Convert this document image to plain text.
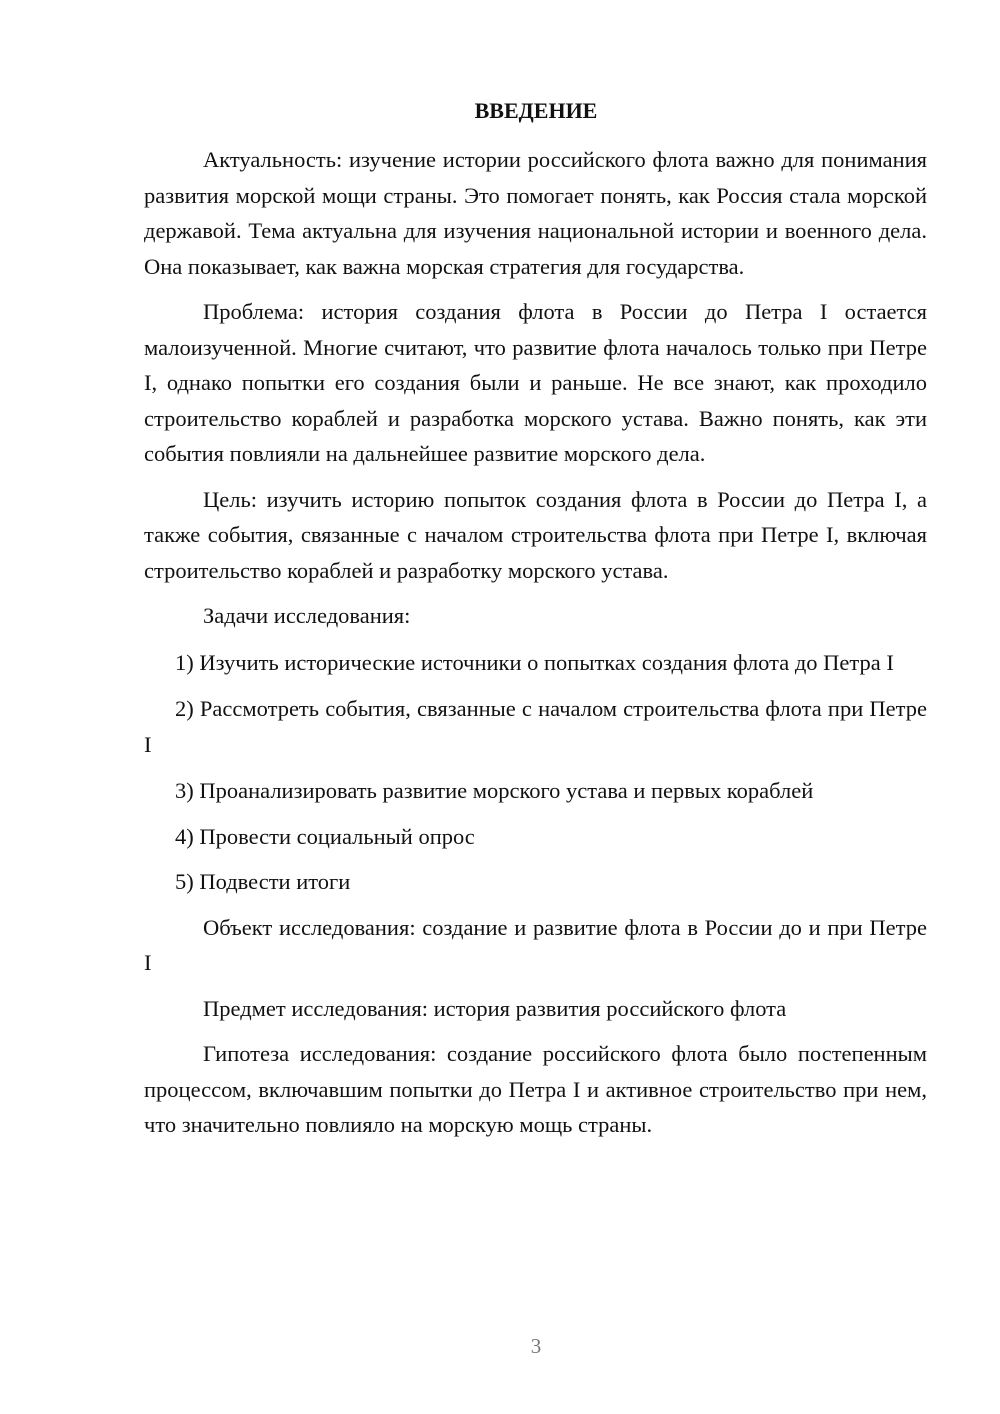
ВВЕДЕНИЕ

Актуальность: изучение истории российского флота важно для понимания развития морской мощи страны. Это помогает понять, как Россия стала морской державой. Тема актуальна для изучения национальной истории и военного дела. Она показывает, как важна морская стратегия для государства.

Проблема: история создания флота в России до Петра I остается малоизученной. Многие считают, что развитие флота началось только при Петре I, однако попытки его создания были и раньше. Не все знают, как проходило строительство кораблей и разработка морского устава. Важно понять, как эти события повлияли на дальнейшее развитие морского дела.

Цель: изучить историю попыток создания флота в России до Петра I, а также события, связанные с началом строительства флота при Петре I, включая строительство кораблей и разработку морского устава.

Задачи исследования:

1) Изучить исторические источники о попытках создания флота до Петра I

2) Рассмотреть события, связанные с началом строительства флота при Петре I

3) Проанализировать развитие морского устава и первых кораблей

4) Провести социальный опрос

5) Подвести итоги

Объект исследования: создание и развитие флота в России до и при Петре I

Предмет исследования: история развития российского флота

Гипотеза исследования: создание российского флота было постепенным процессом, включавшим попытки до Петра I и активное строительство при нем, что значительно повлияло на морскую мощь страны.

3
